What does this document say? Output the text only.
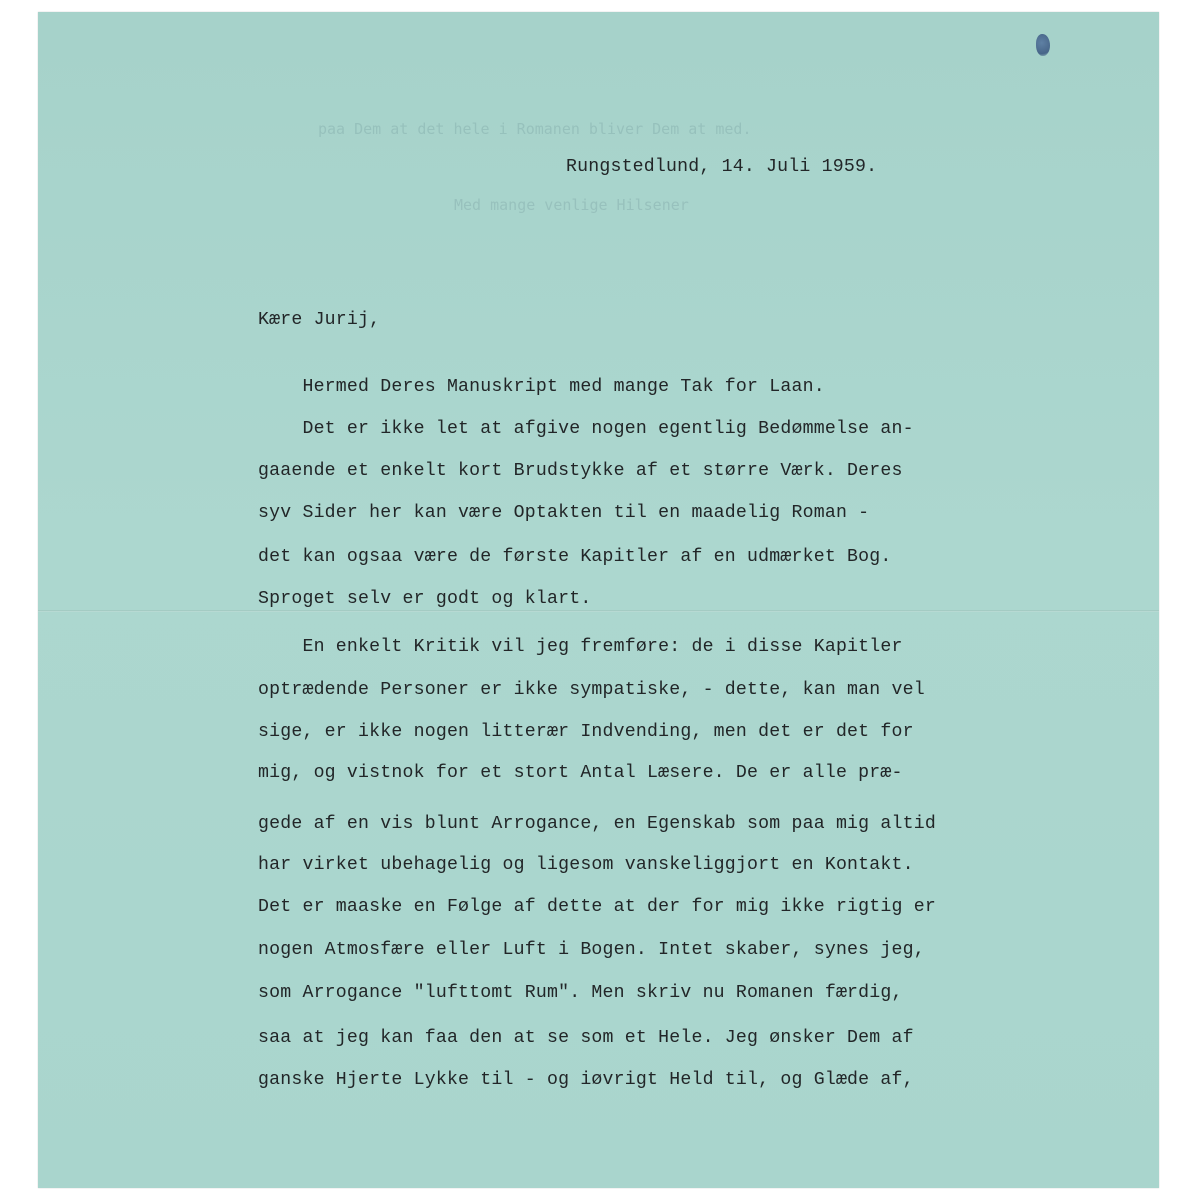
paa Dem at det hele i Romanen bliver Dem at med.
Med mange venlige Hilsener
Rungstedlund, 14. Juli 1959.
Kære Jurij,
Hermed Deres Manuskript med mange Tak for Laan.
Det er ikke let at afgive nogen egentlig Bedømmelse an-
gaaende et enkelt kort Brudstykke af et større Værk. Deres
syv Sider her kan være Optakten til en maadelig Roman -
det kan ogsaa være de første Kapitler af en udmærket Bog.
Sproget selv er godt og klart.
En enkelt Kritik vil jeg fremføre: de i disse Kapitler
optrædende Personer er ikke sympatiske, - dette, kan man vel
sige, er ikke nogen litterær Indvending, men det er det for
mig, og vistnok for et stort Antal Læsere. De er alle præ-
gede af en vis blunt Arrogance, en Egenskab som paa mig altid
har virket ubehagelig og ligesom vanskeliggjort en Kontakt.
Det er maaske en Følge af dette at der for mig ikke rigtig er
nogen Atmosfære eller Luft i Bogen. Intet skaber, synes jeg,
som Arrogance "lufttomt Rum". Men skriv nu Romanen færdig,
saa at jeg kan faa den at se som et Hele. Jeg ønsker Dem af
ganske Hjerte Lykke til - og iøvrigt Held til, og Glæde af,
